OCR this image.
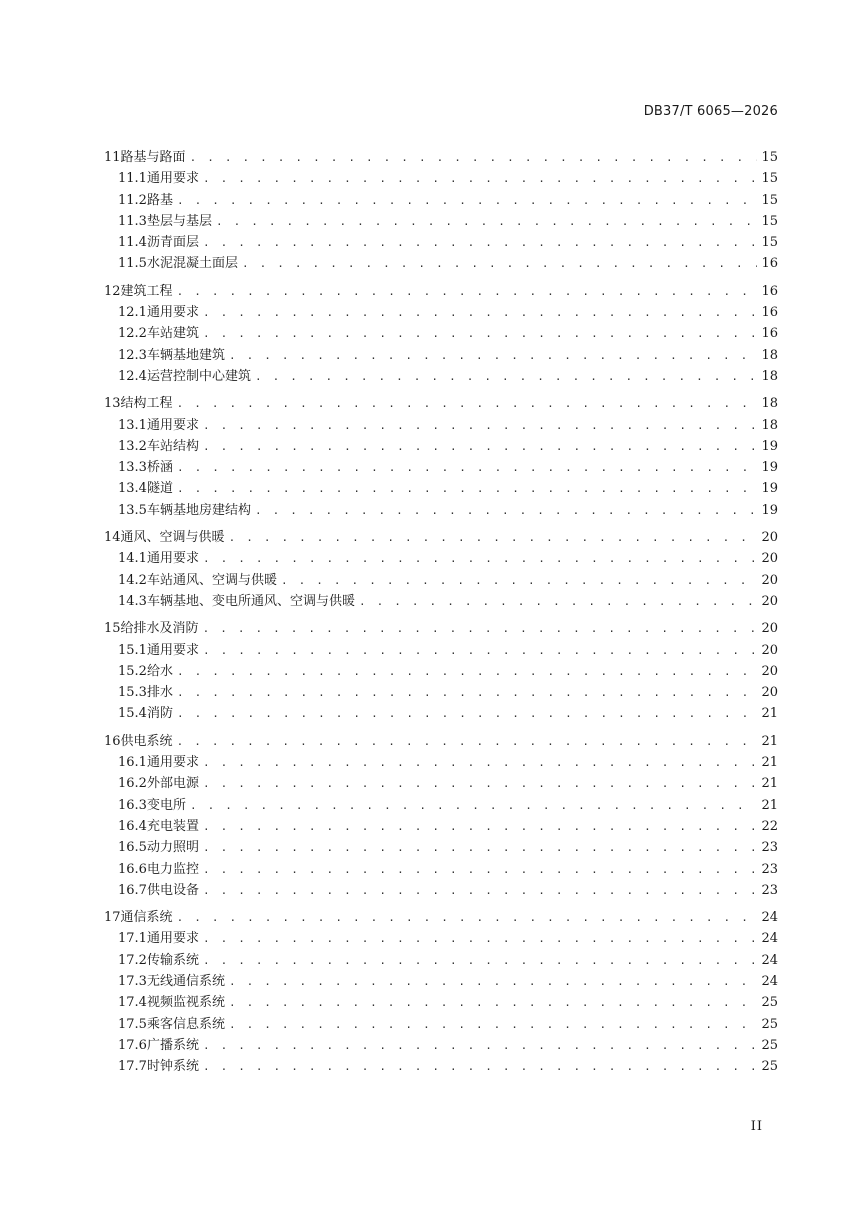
DB37/T 6065—2026
11 路基与路面 . . .	15
11.1 通用要求 . . .	15
11.2 路基 . . .	15
11.3 垫层与基层 . . .	15
11.4 沥青面层 . . .	15
11.5 水泥混凝土面层 . . .	16
12 建筑工程 . . .	16
12.1 通用要求 . . .	16
12.2 车站建筑 . . .	16
12.3 车辆基地建筑 . . .	18
12.4 运营控制中心建筑 . . .	18
13 结构工程 . . .	18
13.1 通用要求 . . .	18
13.2 车站结构 . . .	19
13.3 桥涵 . . .	19
13.4 隧道 . . .	19
13.5 车辆基地房建结构 . . .	19
14 通风、空调与供暖 . . .	20
14.1 通用要求 . . .	20
14.2 车站通风、空调与供暖 . . .	20
14.3 车辆基地、变电所通风、空调与供暖 . . .	20
15 给排水及消防 . . .	20
15.1 通用要求 . . .	20
15.2 给水 . . .	20
15.3 排水 . . .	20
15.4 消防 . . .	21
16 供电系统 . . .	21
16.1 通用要求 . . .	21
16.2 外部电源 . . .	21
16.3 变电所 . . .	21
16.4 充电装置 . . .	22
16.5 动力照明 . . .	23
16.6 电力监控 . . .	23
16.7 供电设备 . . .	23
17 通信系统 . . .	24
17.1 通用要求 . . .	24
17.2 传输系统 . . .	24
17.3 无线通信系统 . . .	24
17.4 视频监视系统 . . .	25
17.5 乘客信息系统 . . .	25
17.6 广播系统 . . .	25
17.7 时钟系统 . . .	25
II
